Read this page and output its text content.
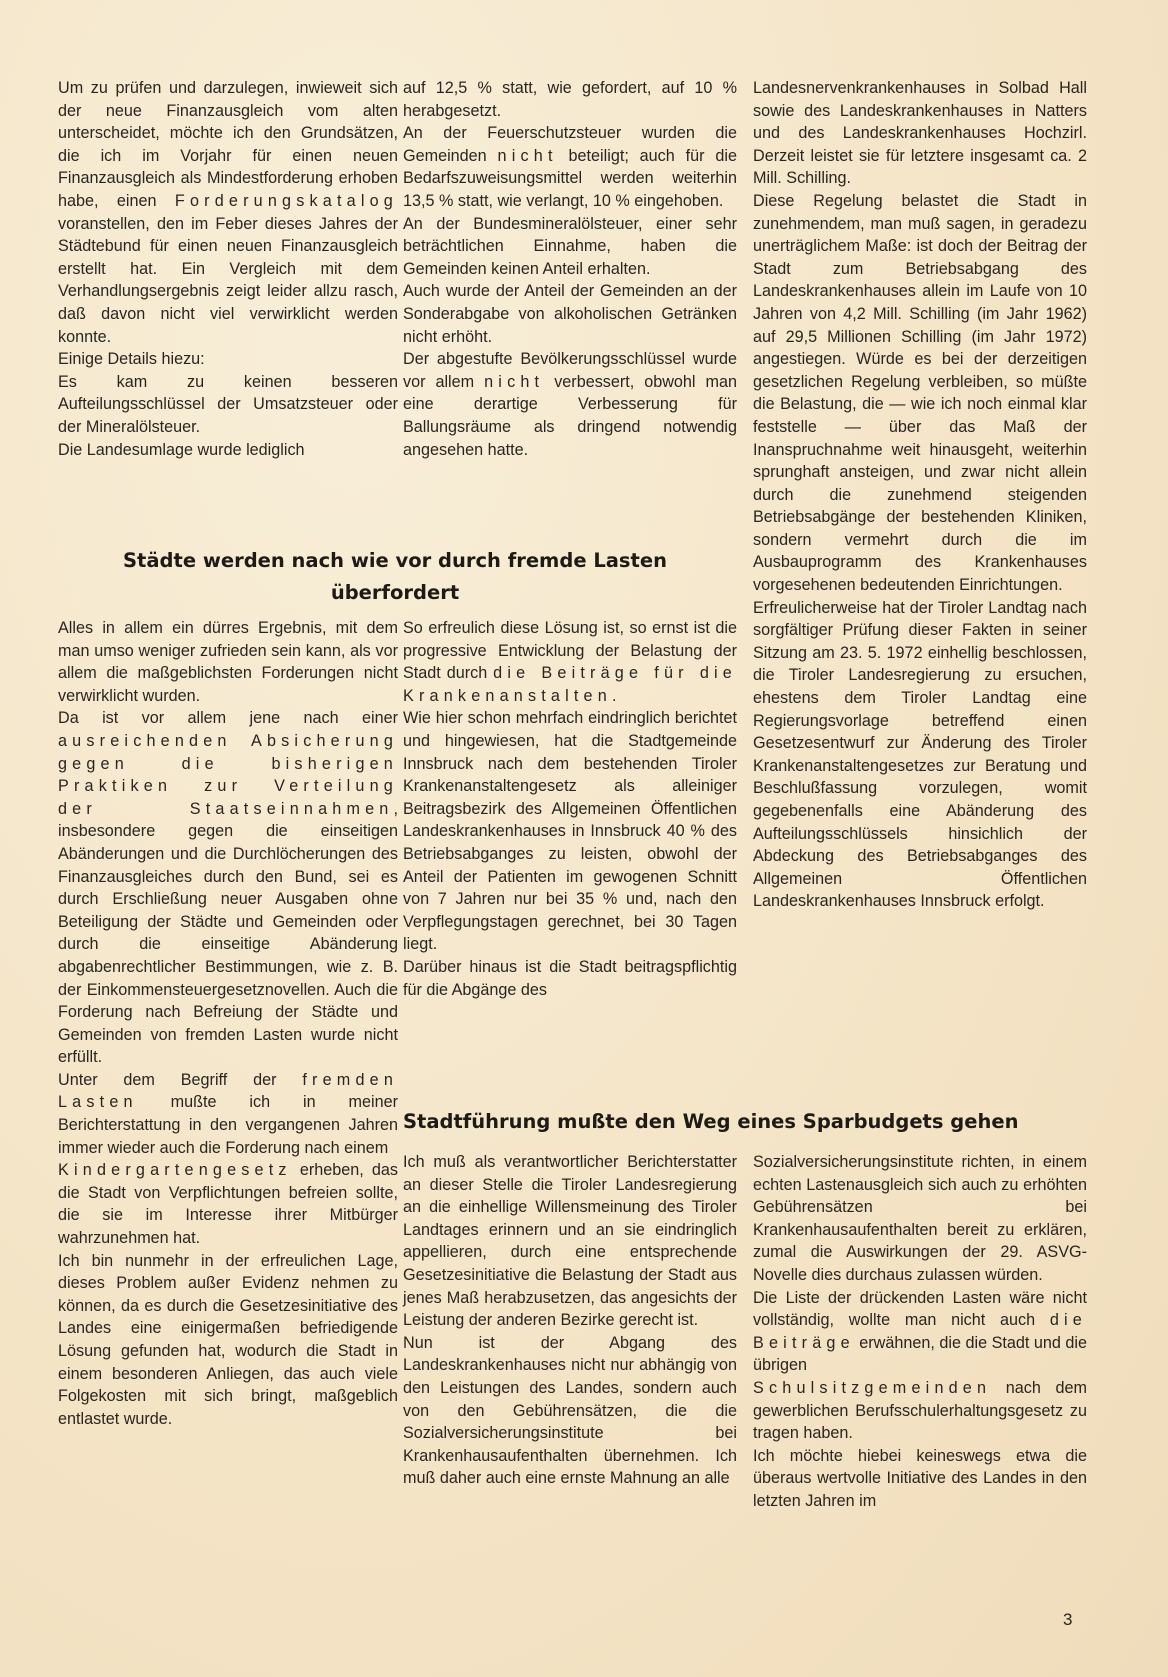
Städte werden nach wie vor durch fremde Lasten
überfordert
Stadtführung mußte den Weg eines Sparbudgets gehen

Um zu prüfen und darzulegen, inwieweit sich der neue Finanzausgleich vom alten unterscheidet, möchte ich den Grundsätzen, die ich im Vorjahr für einen neuen Finanzausgleich als Mindestforderung erhoben habe, einen Forderungskatalog voranstellen, den im Feber dieses Jahres der Städtebund für einen neuen Finanzausgleich erstellt hat. Ein Vergleich mit dem Verhandlungsergebnis zeigt leider allzu rasch, daß davon nicht viel verwirklicht werden konnte.

Einige Details hiezu:

Es kam zu keinen besseren Aufteilungsschlüssel der Umsatzsteuer oder der Mineralölsteuer.

Die Landesumlage wurde lediglich

auf 12,5 % statt, wie gefordert, auf 10 % herabgesetzt.

An der Feuerschutzsteuer wurden die Gemeinden nicht beteiligt; auch für die Bedarfszuweisungsmittel werden weiterhin 13,5 % statt, wie verlangt, 10 % eingehoben.

An der Bundesmineralölsteuer, einer sehr beträchtlichen Einnahme, haben die Gemeinden keinen Anteil erhalten.

Auch wurde der Anteil der Gemeinden an der Sonderabgabe von alkoholischen Getränken nicht erhöht.

Der abgestufte Bevölkerungsschlüssel wurde vor allem nicht verbessert, obwohl man eine derartige Verbesserung für Ballungsräume als dringend notwendig angesehen hatte.

Landesnervenkrankenhauses in Solbad Hall sowie des Landeskrankenhauses in Natters und des Landeskrankenhauses Hochzirl. Derzeit leistet sie für letztere insgesamt ca. 2 Mill. Schilling.

Diese Regelung belastet die Stadt in zunehmendem, man muß sagen, in geradezu unerträglichem Maße: ist doch der Beitrag der Stadt zum Betriebsabgang des Landeskrankenhauses allein im Laufe von 10 Jahren von 4,2 Mill. Schilling (im Jahr 1962) auf 29,5 Millionen Schilling (im Jahr 1972) angestiegen. Würde es bei der derzeitigen gesetzlichen Regelung verbleiben, so müßte die Belastung, die — wie ich noch einmal klar feststelle — über das Maß der Inanspruchnahme weit hinausgeht, weiterhin sprunghaft ansteigen, und zwar nicht allein durch die zunehmend steigenden Betriebsabgänge der bestehenden Kliniken, sondern vermehrt durch die im Ausbauprogramm des Krankenhauses vorgesehenen bedeutenden Einrichtungen.

Erfreulicherweise hat der Tiroler Landtag nach sorgfältiger Prüfung dieser Fakten in seiner Sitzung am 23. 5. 1972 einhellig beschlossen, die Tiroler Landesregierung zu ersuchen, ehestens dem Tiroler Landtag eine Regierungsvorlage betreffend einen Gesetzesentwurf zur Änderung des Tiroler Krankenanstaltengesetzes zur Beratung und Beschlußfassung vorzulegen, womit gegebenenfalls eine Abänderung des Aufteilungsschlüssels hinsichlich der Abdeckung des Betriebsabganges des Allgemeinen Öffentlichen Landeskrankenhauses Innsbruck erfolgt.

Alles in allem ein dürres Ergebnis, mit dem man umso weniger zufrieden sein kann, als vor allem die maßgeblichsten Forderungen nicht verwirklicht wurden.

Da ist vor allem jene nach einer ausreichenden Absicherung gegen die bisherigen Praktiken zur Verteilung der Staatseinnahmen, insbesondere gegen die einseitigen Abänderungen und die Durchlöcherungen des Finanzausgleiches durch den Bund, sei es durch Erschließung neuer Ausgaben ohne Beteiligung der Städte und Gemeinden oder durch die einseitige Abänderung abgabenrechtlicher Bestimmungen, wie z. B. der Einkommensteuergesetznovellen. Auch die Forderung nach Befreiung der Städte und Gemeinden von fremden Lasten wurde nicht erfüllt.

Unter dem Begriff der fremden Lasten mußte ich in meiner Berichterstattung in den vergangenen Jahren immer wieder auch die Forderung nach einem

Kindergartengesetz erheben, das die Stadt von Verpflichtungen befreien sollte, die sie im Interesse ihrer Mitbürger wahrzunehmen hat.

Ich bin nunmehr in der erfreulichen Lage, dieses Problem außer Evidenz nehmen zu können, da es durch die Gesetzesinitiative des Landes eine einigermaßen befriedigende Lösung gefunden hat, wodurch die Stadt in einem besonderen Anliegen, das auch viele Folgekosten mit sich bringt, maßgeblich entlastet wurde.

So erfreulich diese Lösung ist, so ernst ist die progressive Entwicklung der Belastung der Stadt durch die Beiträge für die Krankenanstalten.

Wie hier schon mehrfach eindringlich berichtet und hingewiesen, hat die Stadtgemeinde Innsbruck nach dem bestehenden Tiroler Krankenanstaltengesetz als alleiniger Beitragsbezirk des Allgemeinen Öffentlichen Landeskrankenhauses in Innsbruck 40 % des Betriebsabganges zu leisten, obwohl der Anteil der Patienten im gewogenen Schnitt von 7 Jahren nur bei 35 % und, nach den Verpflegungstagen gerechnet, bei 30 Tagen liegt.

Darüber hinaus ist die Stadt beitragspflichtig für die Abgänge des

Ich muß als verantwortlicher Berichterstatter an dieser Stelle die Tiroler Landesregierung an die einhellige Willensmeinung des Tiroler Landtages erinnern und an sie eindringlich appellieren, durch eine entsprechende Gesetzesinitiative die Belastung der Stadt aus jenes Maß herabzusetzen, das angesichts der Leistung der anderen Bezirke gerecht ist.

Nun ist der Abgang des Landeskrankenhauses nicht nur abhängig von den Leistungen des Landes, sondern auch von den Gebührensätzen, die die Sozialversicherungsinstitute bei Krankenhausaufenthalten übernehmen. Ich muß daher auch eine ernste Mahnung an alle

Sozialversicherungsinstitute richten, in einem echten Lastenausgleich sich auch zu erhöhten Gebührensätzen bei Krankenhausaufenthalten bereit zu erklären, zumal die Auswirkungen der 29. ASVG-Novelle dies durchaus zulassen würden.

Die Liste der drückenden Lasten wäre nicht vollständig, wollte man nicht auch die Beiträge erwähnen, die die Stadt und die übrigen

Schulsitzgemeinden nach dem gewerblichen Berufsschulerhaltungsgesetz zu tragen haben.

Ich möchte hiebei keineswegs etwa die überaus wertvolle Initiative des Landes in den letzten Jahren im

3
